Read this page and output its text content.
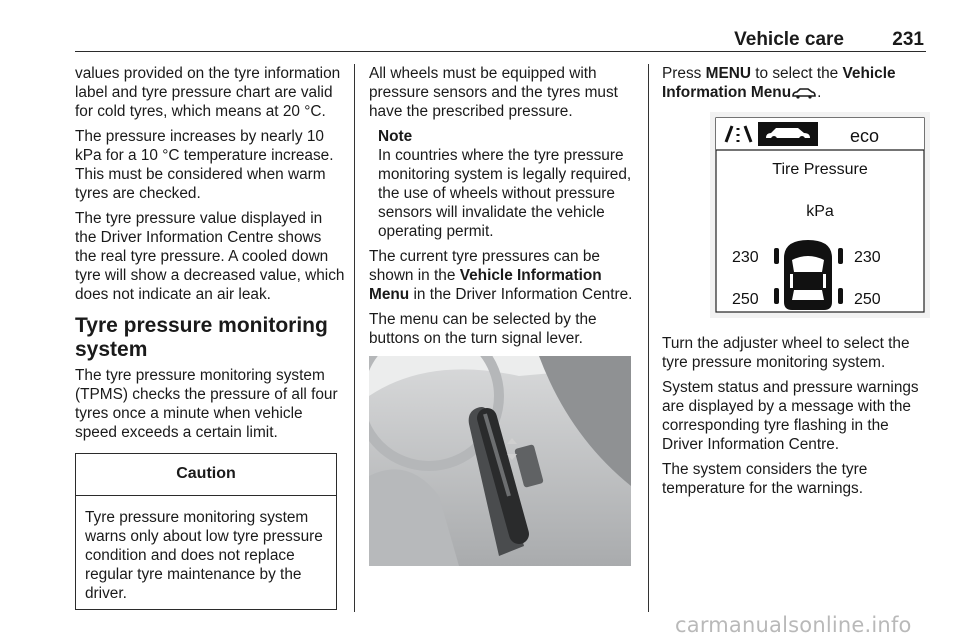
Vehicle care	231

values provided on the tyre information label and tyre pressure chart are valid for cold tyres, which means at 20 °C.

The pressure increases by nearly 10 kPa for a 10 °C temperature increase. This must be considered when warm tyres are checked.

The tyre pressure value displayed in the Driver Information Centre shows the real tyre pressure. A cooled down tyre will show a decreased value, which does not indicate an air leak.

Tyre pressure monitoring system

The tyre pressure monitoring system (TPMS) checks the pressure of all four tyres once a minute when vehicle speed exceeds a certain limit.

Caution
Tyre pressure monitoring system warns only about low tyre pressure condition and does not replace regular tyre maintenance by the driver.

All wheels must be equipped with pressure sensors and the tyres must have the prescribed pressure.

Note
In countries where the tyre pressure monitoring system is legally required, the use of wheels without pressure sensors will invalidate the vehicle operating permit.

The current tyre pressures can be shown in the Vehicle Information Menu in the Driver Information Centre.

The menu can be selected by the buttons on the turn signal lever.

Press MENU to select the Vehicle Information Menu .

eco
Tire Pressure
kPa
230	230
250	250

Turn the adjuster wheel to select the tyre pressure monitoring system.

System status and pressure warnings are displayed by a message with the corresponding tyre flashing in the Driver Information Centre.

The system considers the tyre temperature for the warnings.

carmanualsonline.info
